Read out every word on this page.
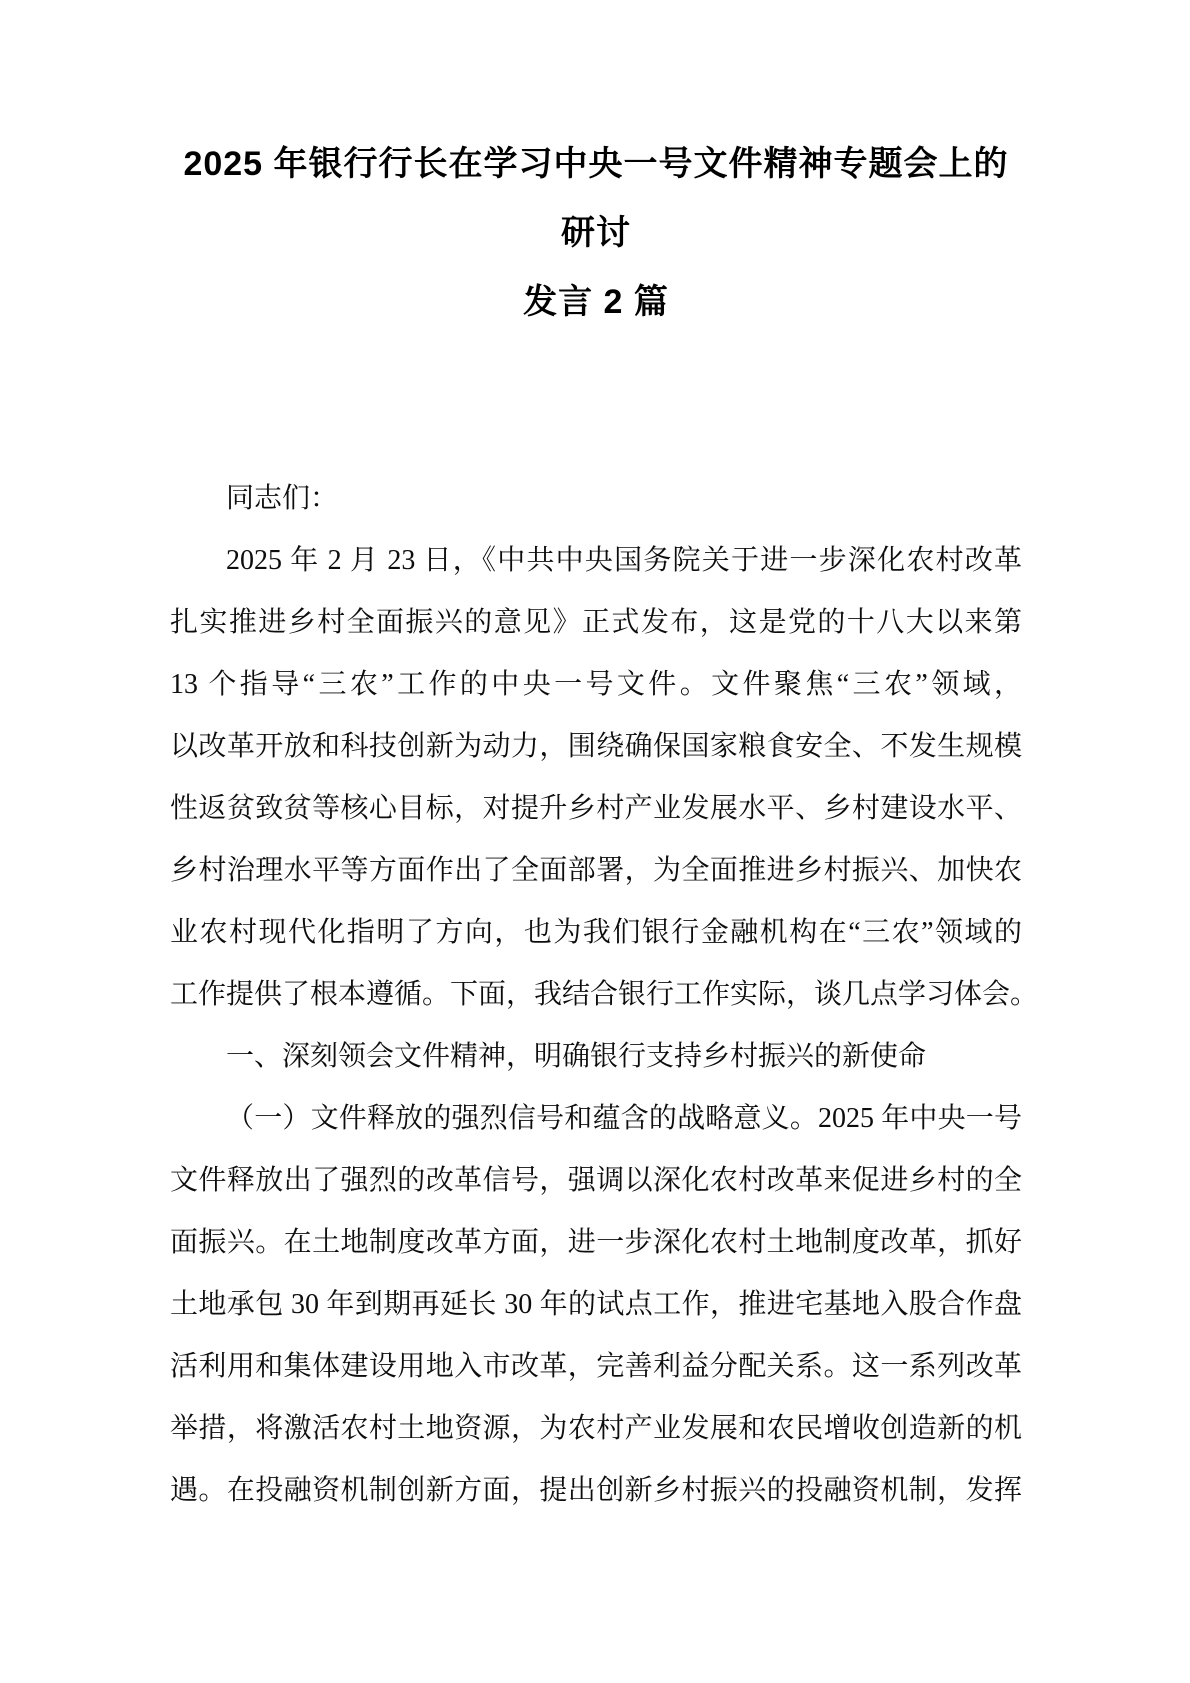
2025 年银行行长在学习中央一号文件精神专题会上的研讨
发言 2 篇
同志们：
2025 年 2 月 23 日，《中共中央国务院关于进一步深化农村改革
扎实推进乡村全面振兴的意见》正式发布，这是党的十八大以来第
13 个指导“三农”工作的中央一号文件。文件聚焦“三农”领域，
以改革开放和科技创新为动力，围绕确保国家粮食安全、不发生规模
性返贫致贫等核心目标，对提升乡村产业发展水平、乡村建设水平、
乡村治理水平等方面作出了全面部署，为全面推进乡村振兴、加快农
业农村现代化指明了方向，也为我们银行金融机构在“三农”领域的
工作提供了根本遵循。下面，我结合银行工作实际，谈几点学习体会。
一、深刻领会文件精神，明确银行支持乡村振兴的新使命
（一）文件释放的强烈信号和蕴含的战略意义。2025 年中央一号
文件释放出了强烈的改革信号，强调以深化农村改革来促进乡村的全
面振兴。在土地制度改革方面，进一步深化农村土地制度改革，抓好
土地承包 30 年到期再延长 30 年的试点工作，推进宅基地入股合作盘
活利用和集体建设用地入市改革，完善利益分配关系。这一系列改革
举措，将激活农村土地资源，为农村产业发展和农民增收创造新的机
遇。在投融资机制创新方面，提出创新乡村振兴的投融资机制，发挥
